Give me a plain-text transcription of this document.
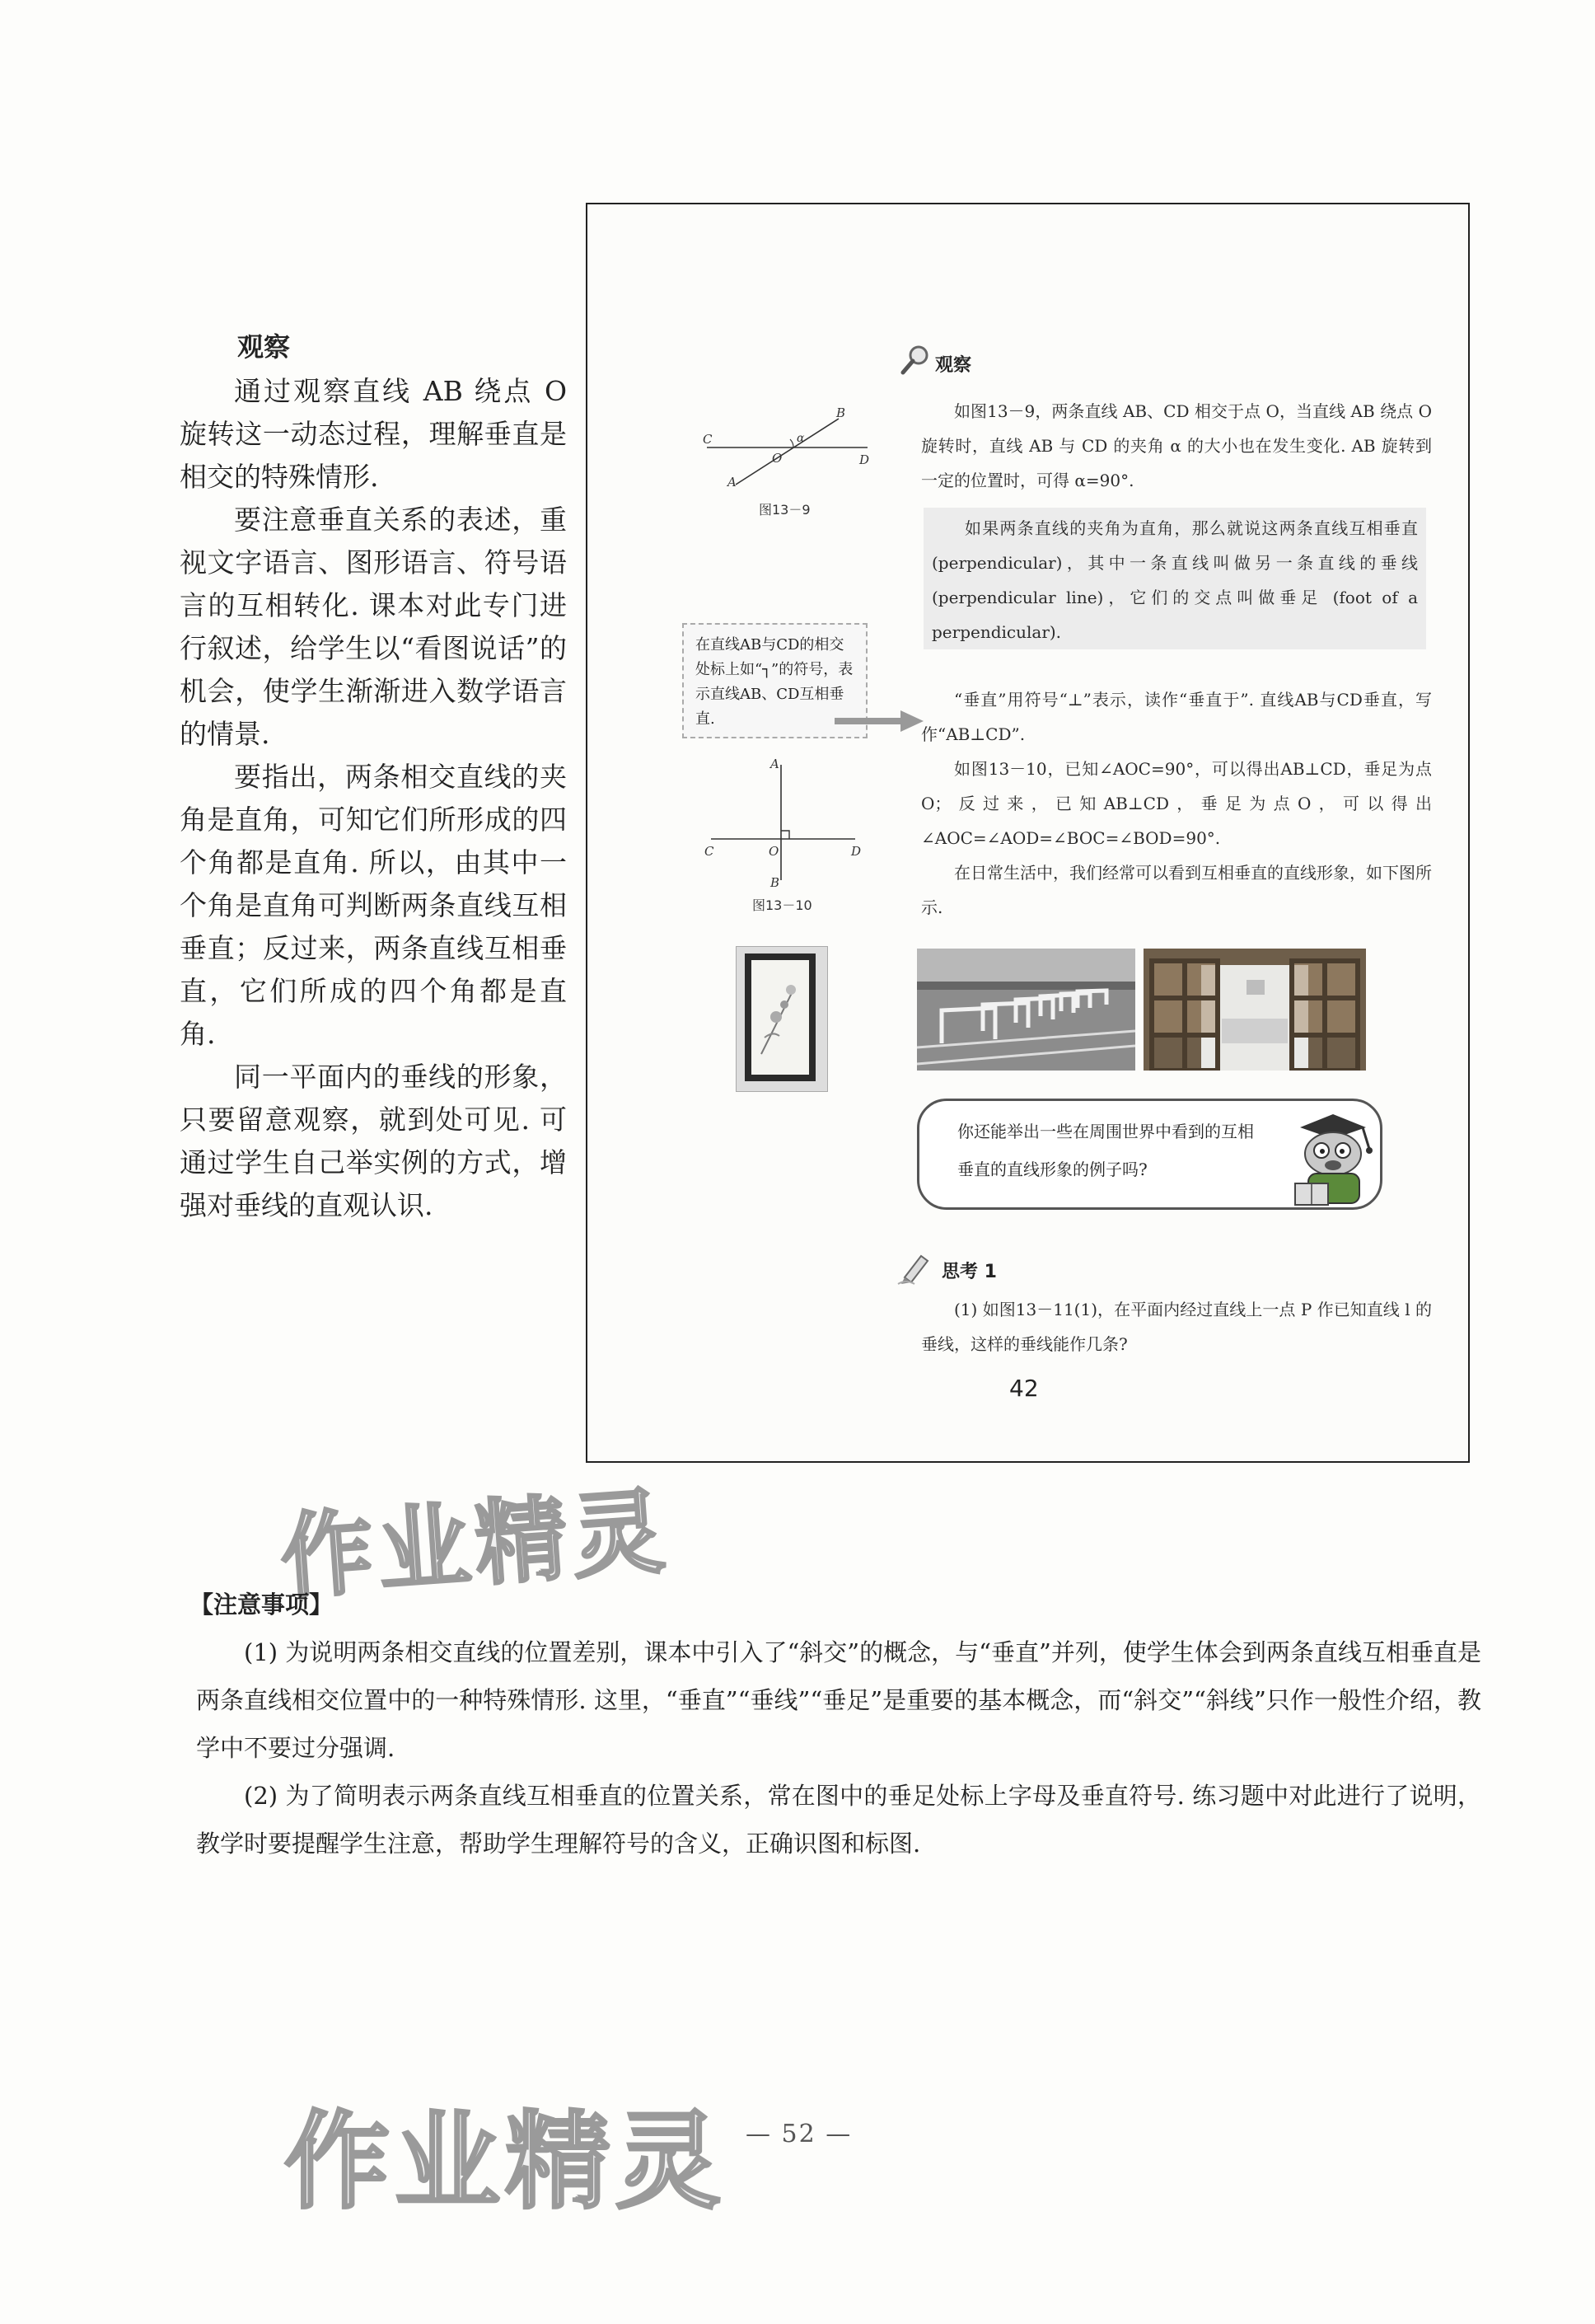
观察

通过观察直线 AB 绕点 O 旋转这一动态过程，理解垂直是相交的特殊情形.

要注意垂直关系的表述，重视文字语言、图形语言、符号语言的互相转化. 课本对此专门进行叙述，给学生以“看图说话”的机会，使学生渐渐进入数学语言的情景.

要指出，两条相交直线的夹角是直角，可知它们所形成的四个角都是直角. 所以，由其中一个角是直角可判断两条直线互相垂直；反过来，两条直线互相垂直，它们所成的四个角都是直角.

同一平面内的垂线的形象，只要留意观察，就到处可见. 可通过学生自己举实例的方式，增强对垂线的直观认识.

观察
C
D
A
B
O
α
图13－9

如图13－9，两条直线 AB、CD 相交于点 O，当直线 AB 绕点 O 旋转时，直线 AB 与 CD 的夹角 α 的大小也在发生变化. AB 旋转到一定的位置时，可得 α=90°.

如果两条直线的夹角为直角，那么就说这两条直线互相垂直 (perpendicular)，其中一条直线叫做另一条直线的垂线 (perpendicular line)，它们的交点叫做垂足 (foot of a perpendicular).

在直线AB与CD的相交处标上如“┐”的符号，表示直线AB、CD互相垂直.

“垂直”用符号“⊥”表示，读作“垂直于”. 直线AB与CD垂直，写作“AB⊥CD”.

如图13－10，已知∠AOC=90°，可以得出AB⊥CD，垂足为点O；反过来，已知AB⊥CD，垂足为点O，可以得出∠AOC=∠AOD=∠BOC=∠BOD=90°.

在日常生活中，我们经常可以看到互相垂直的直线形象，如下图所示.

A
B
C	D
O
图13－10
你还能举出一些在周围世界中看到的互相垂直的直线形象的例子吗?
思考 1

(1) 如图13－11(1)，在平面内经过直线上一点 P 作已知直线 l 的垂线，这样的垂线能作几条?

42
作业精灵
作业精灵
【注意事项】

(1) 为说明两条相交直线的位置差别，课本中引入了“斜交”的概念，与“垂直”并列，使学生体会到两条直线互相垂直是两条直线相交位置中的一种特殊情形. 这里，“垂直”“垂线”“垂足”是重要的基本概念，而“斜交”“斜线”只作一般性介绍，教学中不要过分强调.

(2) 为了简明表示两条直线互相垂直的位置关系，常在图中的垂足处标上字母及垂直符号. 练习题中对此进行了说明，教学时要提醒学生注意，帮助学生理解符号的含义，正确识图和标图.

— 52 —
